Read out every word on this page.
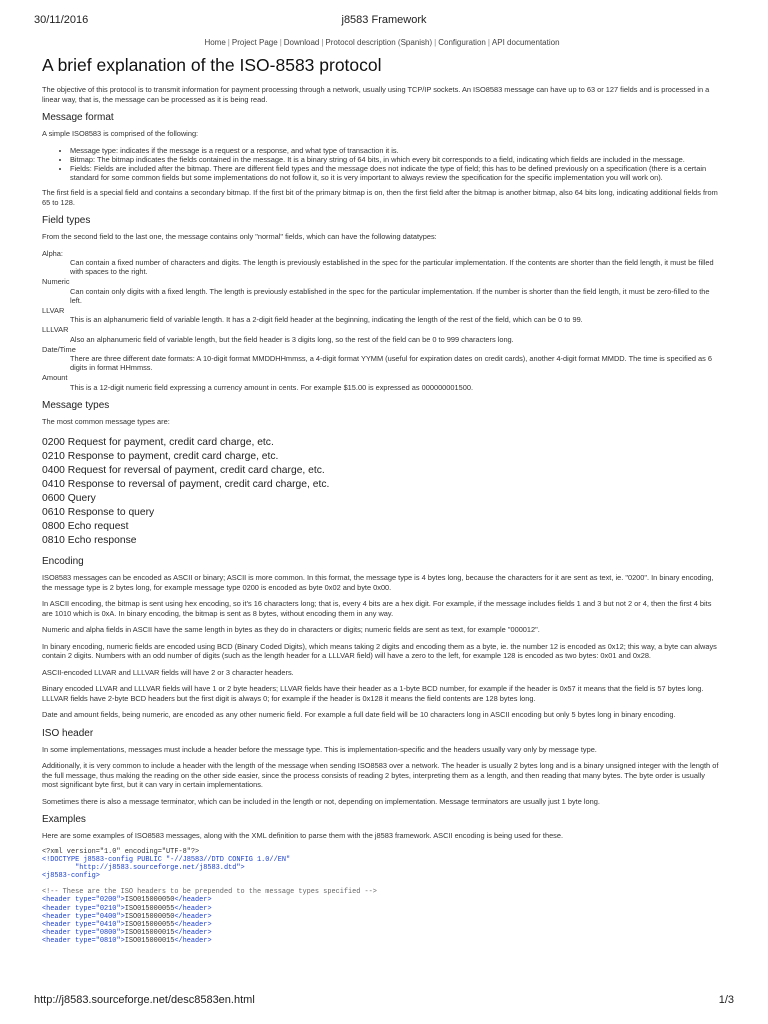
30/11/2016	j8583 Framework
Home | Project Page | Download | Protocol description (Spanish) | Configuration | API documentation
A brief explanation of the ISO-8583 protocol

The objective of this protocol is to transmit information for payment processing through a network, usually using TCP/IP sockets. An ISO8583 message can have up to 63 or 127 fields and is processed in a linear way, that is, the message can be processed as it is being read.

Message format

A simple ISO8583 is comprised of the following:

• Message type: indicates if the message is a request or a response, and what type of transaction it is.
• Bitmap: The bitmap indicates the fields contained in the message. It is a binary string of 64 bits, in which every bit corresponds to a field, indicating which fields are included in the message.
• Fields: Fields are included after the bitmap. There are different field types and the message does not indicate the type of field; this has to be defined previously on a specification (there is a certain standard for some common fields but some implementations do not follow it, so it is very important to always review the specification for the specific implementation you will work on).

The first field is a special field and contains a secondary bitmap. If the first bit of the primary bitmap is on, then the first field after the bitmap is another bitmap, also 64 bits long, indicating additional fields from 65 to 128.

Field types

From the second field to the last one, the message contains only "normal" fields, which can have the following datatypes:

Alpha:
Can contain a fixed number of characters and digits. The length is previously established in the spec for the particular implementation. If the contents are shorter than the field length, it must be filled with spaces to the right.
Numeric
Can contain only digits with a fixed length. The length is previously established in the spec for the particular implementation. If the number is shorter than the field length, it must be zero-filled to the left.
LLVAR
This is an alphanumeric field of variable length. It has a 2-digit field header at the beginning, indicating the length of the rest of the field, which can be 0 to 99.
LLLVAR
Also an alphanumeric field of variable length, but the field header is 3 digits long, so the rest of the field can be 0 to 999 characters long.
Date/Time
There are three different date formats: A 10-digit format MMDDHHmmss, a 4-digit format YYMM (useful for expiration dates on credit cards), another 4-digit format MMDD. The time is specified as 6 digits in format HHmmss.
Amount
This is a 12-digit numeric field expressing a currency amount in cents. For example $15.00 is expressed as 000000001500.
Message types

The most common message types are:

0200 Request for payment, credit card charge, etc.
0210 Response to payment, credit card charge, etc.
0400 Request for reversal of payment, credit card charge, etc.
0410 Response to reversal of payment, credit card charge, etc.
0600 Query
0610 Response to query
0800 Echo request
0810 Echo response
Encoding

ISO8583 messages can be encoded as ASCII or binary; ASCII is more common. In this format, the message type is 4 bytes long, because the characters for it are sent as text, ie. "0200". In binary encoding, the message type is 2 bytes long, for example message type 0200 is encoded as byte 0x02 and byte 0x00.

In ASCII encoding, the bitmap is sent using hex encoding, so it's 16 characters long; that is, every 4 bits are a hex digit. For example, if the message includes fields 1 and 3 but not 2 or 4, then the first 4 bits are 1010 which is 0xA. In binary encoding, the bitmap is sent as 8 bytes, without encoding them in any way.

Numeric and alpha fields in ASCII have the same length in bytes as they do in characters or digits; numeric fields are sent as text, for example "000012".

In binary encoding, numeric fields are encoded using BCD (Binary Coded Digits), which means taking 2 digits and encoding them as a byte, ie. the number 12 is encoded as 0x12; this way, a byte can always contain 2 digits. Numbers with an odd number of digits (such as the length header for a LLLVAR field) will have a zero to the left, for example 128 is encoded as two bytes: 0x01 and 0x28.

ASCII-encoded LLVAR and LLLVAR fields will have 2 or 3 character headers.

Binary encoded LLVAR and LLLVAR fields will have 1 or 2 byte headers; LLVAR fields have their header as a 1-byte BCD number, for example if the header is 0x57 it means that the field is 57 bytes long. LLLVAR fields have 2-byte BCD headers but the first digit is always 0; for example if the header is 0x128 it means the field contents are 128 bytes long.

Date and amount fields, being numeric, are encoded as any other numeric field. For example a full date field will be 10 characters long in ASCII encoding but only 5 bytes long in binary encoding.

ISO header

In some implementations, messages must include a header before the message type. This is implementation-specific and the headers usually vary only by message type.

Additionally, it is very common to include a header with the length of the message when sending ISO8583 over a network. The header is usually 2 bytes long and is a binary unsigned integer with the length of the full message, thus making the reading on the other side easier, since the process consists of reading 2 bytes, interpreting them as a length, and then reading that many bytes. The byte order is usually most significant byte first, but it can vary in certain implementations.

Sometimes there is also a message terminator, which can be included in the length or not, depending on implementation. Message terminators are usually just 1 byte long.

Examples

Here are some examples of ISO8583 messages, along with the XML definition to parse them with the j8583 framework. ASCII encoding is being used for these.

<?xml version="1.0" encoding="UTF-8"?>
<!DOCTYPE j8583-config PUBLIC "-//J8583//DTD CONFIG 1.0//EN"
"http://j8583.sourceforge.net/j8583.dtd">
<j8583-config>

<!-- These are the ISO headers to be prepended to the message types specified -->
<header type="0200">ISO015000050</header>
<header type="0210">ISO015000055</header>
<header type="0400">ISO015000050</header>
<header type="0410">ISO015000055</header>
<header type="0800">ISO015000015</header>
<header type="0810">ISO015000015</header>
http://j8583.sourceforge.net/desc8583en.html	1/3
